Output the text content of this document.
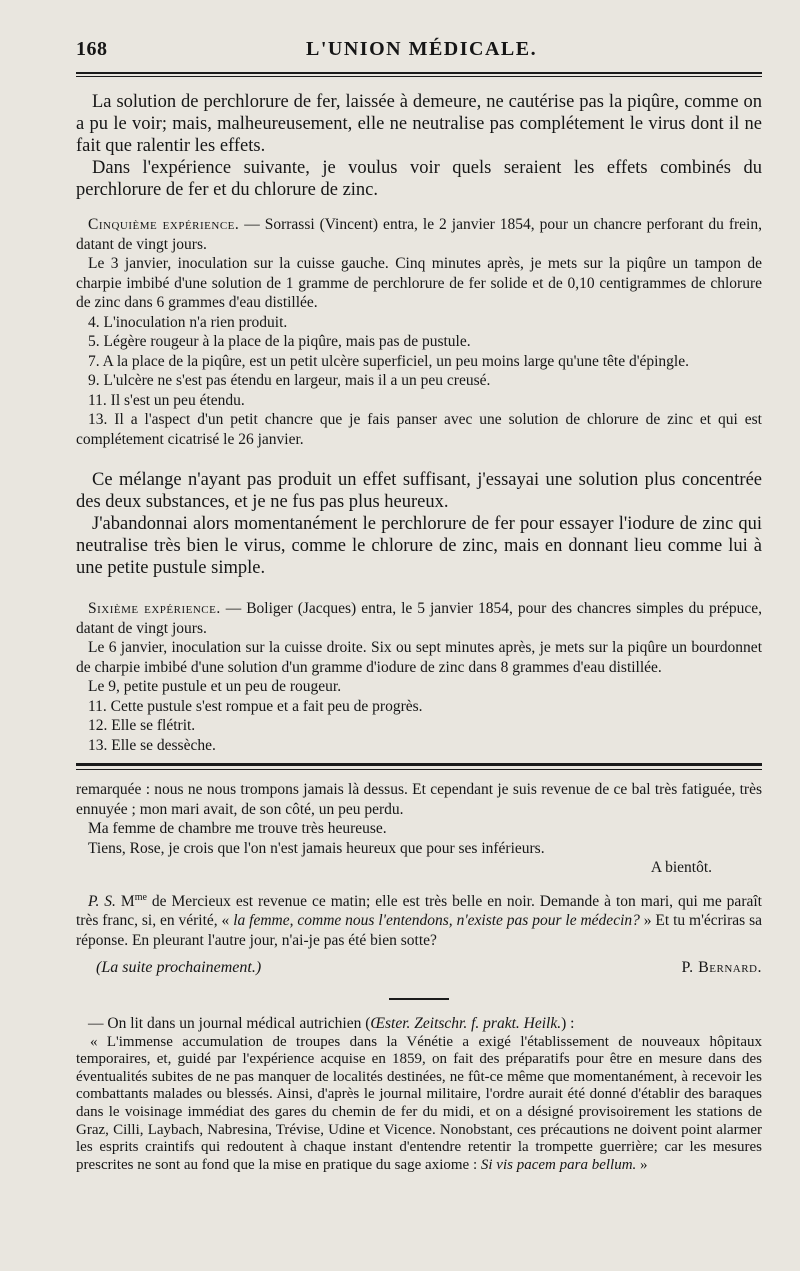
168	L'UNION MÉDICALE.

La solution de perchlorure de fer, laissée à demeure, ne cautérise pas la piqûre, comme on a pu le voir; mais, malheureusement, elle ne neutralise pas complétement le virus dont il ne fait que ralentir les effets.

Dans l'expérience suivante, je voulus voir quels seraient les effets combinés du perchlorure de fer et du chlorure de zinc.

Cinquième expérience. — Sorrassi (Vincent) entra, le 2 janvier 1854, pour un chancre perforant du frein, datant de vingt jours.

Le 3 janvier, inoculation sur la cuisse gauche. Cinq minutes après, je mets sur la piqûre un tampon de charpie imbibé d'une solution de 1 gramme de perchlorure de fer solide et de 0,10 centigrammes de chlorure de zinc dans 6 grammes d'eau distillée.

4. L'inoculation n'a rien produit.

5. Légère rougeur à la place de la piqûre, mais pas de pustule.

7. A la place de la piqûre, est un petit ulcère superficiel, un peu moins large qu'une tête d'épingle.

9. L'ulcère ne s'est pas étendu en largeur, mais il a un peu creusé.

11. Il s'est un peu étendu.

13. Il a l'aspect d'un petit chancre que je fais panser avec une solution de chlorure de zinc et qui est complétement cicatrisé le 26 janvier.

Ce mélange n'ayant pas produit un effet suffisant, j'essayai une solution plus concentrée des deux substances, et je ne fus pas plus heureux.

J'abandonnai alors momentanément le perchlorure de fer pour essayer l'iodure de zinc qui neutralise très bien le virus, comme le chlorure de zinc, mais en donnant lieu comme lui à une petite pustule simple.

Sixième expérience. — Boliger (Jacques) entra, le 5 janvier 1854, pour des chancres simples du prépuce, datant de vingt jours.

Le 6 janvier, inoculation sur la cuisse droite. Six ou sept minutes après, je mets sur la piqûre un bourdonnet de charpie imbibé d'une solution d'un gramme d'iodure de zinc dans 8 grammes d'eau distillée.

Le 9, petite pustule et un peu de rougeur.

11. Cette pustule s'est rompue et a fait peu de progrès.

12. Elle se flétrit.

13. Elle se dessèche.

remarquée : nous ne nous trompons jamais là dessus. Et cependant je suis revenue de ce bal très fatiguée, très ennuyée ; mon mari avait, de son côté, un peu perdu.

Ma femme de chambre me trouve très heureuse.

Tiens, Rose, je crois que l'on n'est jamais heureux que pour ses inférieurs.

A bientôt.

P. S. $M^{me}$ de Mercieux est revenue ce matin; elle est très belle en noir. Demande à ton mari, qui me paraît très franc, si, en vérité, « la femme, comme nous l'entendons, n'existe pas pour le médecin? » Et tu m'écriras sa réponse. En pleurant l'autre jour, n'ai-je pas été bien sotte?

(La suite prochainement.)	P. Bernard.

— On lit dans un journal médical autrichien (Œster. Zeitschr. f. prakt. Heilk.) :

« L'immense accumulation de troupes dans la Vénétie a exigé l'établissement de nouveaux hôpitaux temporaires, et, guidé par l'expérience acquise en 1859, on fait des préparatifs pour être en mesure dans des éventualités subites de ne pas manquer de localités destinées, ne fût-ce même que momentanément, à recevoir les combattants malades ou blessés. Ainsi, d'après le journal militaire, l'ordre aurait été donné d'établir des baraques dans le voisinage immédiat des gares du chemin de fer du midi, et on a désigné provisoirement les stations de Graz, Cilli, Laybach, Nabresina, Trévise, Udine et Vicence. Nonobstant, ces précautions ne doivent point alarmer les esprits craintifs qui redoutent à chaque instant d'entendre retentir la trompette guerrière; car les mesures prescrites ne sont au fond que la mise en pratique du sage axiome : Si vis pacem para bellum. »
